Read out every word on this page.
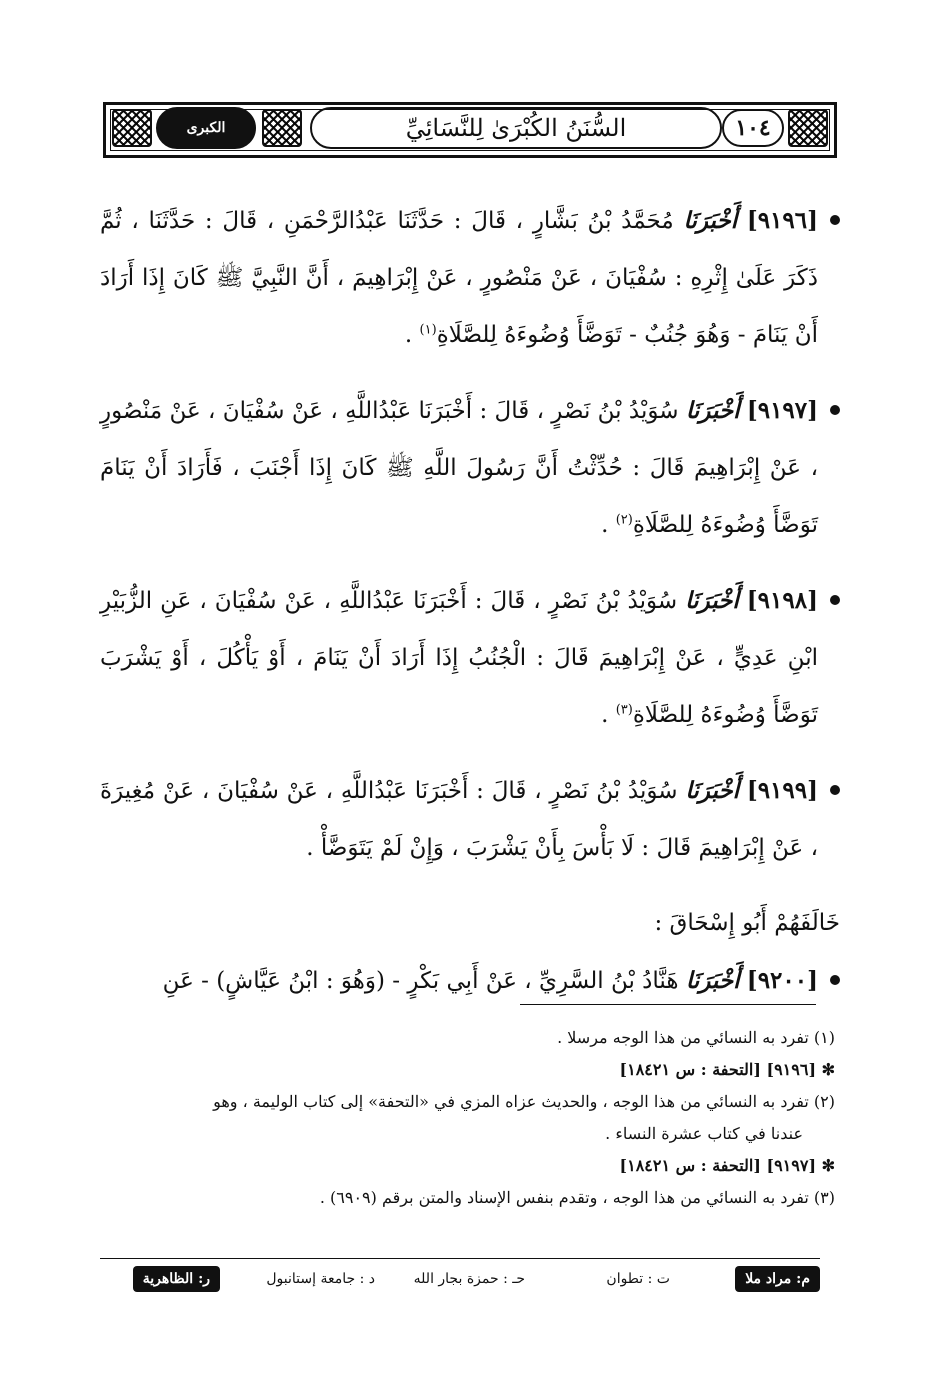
الكبرى	السُّنَنُ الكُبْرَىٰ لِلنَّسَائِيِّ	١٠٤

[٩١٩٦] أَخْبَرَنَا مُحَمَّدُ بْنُ بَشَّارٍ ، قَالَ : حَدَّثَنَا عَبْدُالرَّحْمَنِ ، قَالَ : حَدَّثَنَا ، ثُمَّ ذَكَرَ عَلَىٰ إِثْرِهِ : سُفْيَانَ ، عَنْ مَنْصُورٍ ، عَنْ إِبْرَاهِيمَ ، أَنَّ النَّبِيَّ ﷺ كَانَ إِذَا أَرَادَ أَنْ يَنَامَ - وَهُوَ جُنُبٌ - تَوَضَّأَ وُضُوءَهُ لِلصَّلَاةِ$^{(١)}$ .

[٩١٩٧] أَخْبَرَنَا سُوَيْدُ بْنُ نَصْرٍ ، قَالَ : أَخْبَرَنَا عَبْدُاللَّهِ ، عَنْ سُفْيَانَ ، عَنْ مَنْصُورٍ ، عَنْ إِبْرَاهِيمَ قَالَ : حُدِّثْتُ أَنَّ رَسُولَ اللَّهِ ﷺ كَانَ إِذَا أَجْنَبَ ، فَأَرَادَ أَنْ يَنَامَ تَوَضَّأَ وُضُوءَهُ لِلصَّلَاةِ$^{(٢)}$ .

[٩١٩٨] أَخْبَرَنَا سُوَيْدُ بْنُ نَصْرٍ ، قَالَ : أَخْبَرَنَا عَبْدُاللَّهِ ، عَنْ سُفْيَانَ ، عَنِ الزُّبَيْرِ ابْنِ عَدِيٍّ ، عَنْ إِبْرَاهِيمَ قَالَ : الْجُنُبُ إِذَا أَرَادَ أَنْ يَنَامَ ، أَوْ يَأْكُلَ ، أَوْ يَشْرَبَ تَوَضَّأَ وُضُوءَهُ لِلصَّلَاةِ$^{(٣)}$ .

[٩١٩٩] أَخْبَرَنَا سُوَيْدُ بْنُ نَصْرٍ ، قَالَ : أَخْبَرَنَا عَبْدُاللَّهِ ، عَنْ سُفْيَانَ ، عَنْ مُغِيرَةَ ، عَنْ إِبْرَاهِيمَ قَالَ : لَا بَأْسَ بِأَنْ يَشْرَبَ ، وَإِنْ لَمْ يَتَوَضَّأْ .

خَالَفَهُمْ أَبُو إِسْحَاقَ :

[٩٢٠٠] أَخْبَرَنَا هَنَّادُ بْنُ السَّرِيِّ ، عَنْ أَبِي بَكْرٍ - (وَهُوَ : ابْنُ عَيَّاشٍ) - عَنِ

(١) تفرد به النسائي من هذا الوجه مرسلا .

✻ [٩١٩٦] [التحفة : س ١٨٤٢١]

(٢) تفرد به النسائي من هذا الوجه ، والحديث عزاه المزي في «التحفة» إلى كتاب الوليمة ، وهو

عندنا في كتاب عشرة النساء .

✻ [٩١٩٧] [التحفة : س ١٨٤٢١]

(٣) تفرد به النسائي من هذا الوجه ، وتقدم بنفس الإسناد والمتن برقم (٦٩٠٩) .

م: مراد ملا
ت : تطوان
حـ : حمزة بجار الله
د : جامعة إستانبول
ر: الظاهرية
